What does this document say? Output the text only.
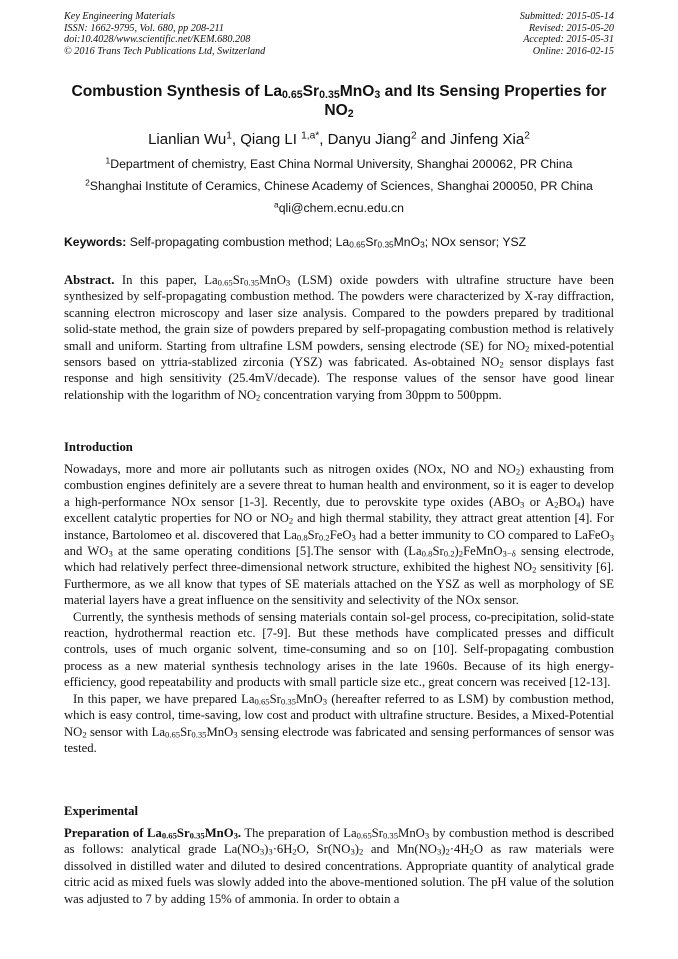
Key Engineering Materials
ISSN: 1662-9795, Vol. 680, pp 208-211
doi:10.4028/www.scientific.net/KEM.680.208
© 2016 Trans Tech Publications Ltd, Switzerland
Submitted: 2015-05-14
Revised: 2015-05-20
Accepted: 2015-05-31
Online: 2016-02-15
Combustion Synthesis of $La_{0.65}Sr_{0.35}MnO_3$ and Its Sensing Properties for $NO_2$
Lianlian Wu$^1$, Qiang LI $^{1,a*}$, Danyu Jiang$^2$ and Jinfeng Xia$^2$
$^1$Department of chemistry, East China Normal University, Shanghai 200062, PR China
$^2$Shanghai Institute of Ceramics, Chinese Academy of Sciences, Shanghai 200050, PR China
$^a$qli@chem.ecnu.edu.cn
Keywords: Self-propagating combustion method; $La_{0.65}Sr_{0.35}MnO_3$; NOx sensor; YSZ

Abstract. In this paper, $La_{0.65}Sr_{0.35}MnO_3$ (LSM) oxide powders with ultrafine structure have been synthesized by self-propagating combustion method. The powders were characterized by X-ray diffraction, scanning electron microscopy and laser size analysis. Compared to the powders prepared by traditional solid-state method, the grain size of powders prepared by self-propagating combustion method is relatively small and uniform. Starting from ultrafine LSM powders, sensing electrode (SE) for $NO_2$ mixed-potential sensors based on yttria-stablized zirconia (YSZ) was fabricated. As-obtained $NO_2$ sensor displays fast response and high sensitivity (25.4mV/decade). The response values of the sensor have good linear relationship with the logarithm of $NO_2$ concentration varying from 30ppm to 500ppm.

Introduction

Nowadays, more and more air pollutants such as nitrogen oxides (NOx, NO and $NO_2$) exhausting from combustion engines definitely are a severe threat to human health and environment, so it is eager to develop a high-performance NOx sensor [1-3]. Recently, due to perovskite type oxides ($ABO_3$ or $A_2BO_4$) have excellent catalytic properties for NO or $NO_2$ and high thermal stability, they attract great attention [4]. For instance, Bartolomeo et al. discovered that $La_{0.8}Sr_{0.2}FeO_3$ had a better immunity to CO compared to LaFeO$_3$ and $WO_3$ at the same operating conditions [5].The sensor with $(La_{0.8}Sr_{0.2})_2FeMnO_{3-\delta}$ sensing electrode, which had relatively perfect three-dimensional network structure, exhibited the highest $NO_2$ sensitivity [6]. Furthermore, as we all know that types of SE materials attached on the YSZ as well as morphology of SE material layers have a great influence on the sensitivity and selectivity of the NOx sensor.

Currently, the synthesis methods of sensing materials contain sol-gel process, co-precipitation, solid-state reaction, hydrothermal reaction etc. [7-9]. But these methods have complicated presses and difficult controls, uses of much organic solvent, time-consuming and so on [10]. Self-propagating combustion process as a new material synthesis technology arises in the late 1960s. Because of its high energy-efficiency, good repeatability and products with small particle size etc., great concern was received [12-13].

In this paper, we have prepared $La_{0.65}Sr_{0.35}MnO_3$ (hereafter referred to as LSM) by combustion method, which is easy control, time-saving, low cost and product with ultrafine structure. Besides, a Mixed-Potential $NO_2$ sensor with $La_{0.65}Sr_{0.35}MnO_3$ sensing electrode was fabricated and sensing performances of sensor was tested.

Experimental

Preparation of $La_{0.65}Sr_{0.35}MnO_3$. The preparation of $La_{0.65}Sr_{0.35}MnO_3$ by combustion method is described as follows: analytical grade $La(NO_3)_3\cdot 6H_2O$, $Sr(NO_3)_2$ and $Mn(NO_3)_2\cdot 4H_2O$ as raw materials were dissolved in distilled water and diluted to desired concentrations. Appropriate quantity of analytical grade citric acid as mixed fuels was slowly added into the above-mentioned solution. The pH value of the solution was adjusted to 7 by adding 15% of ammonia. In order to obtain a
